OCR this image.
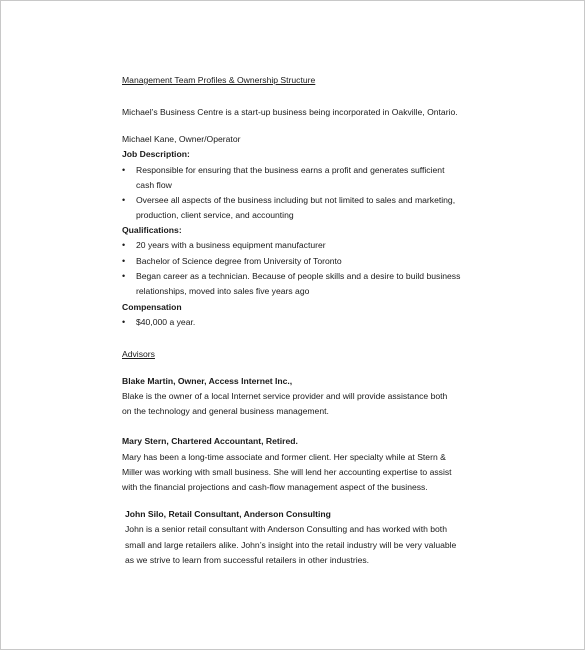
Management Team Profiles & Ownership Structure
Michael’s Business Centre is a start-up business being incorporated in Oakville, Ontario.
Michael Kane, Owner/Operator
Job Description:
• Responsible for ensuring that the business earns a profit and generates sufficient
cash flow
• Oversee all aspects of the business including but not limited to sales and marketing,
production, client service, and accounting
Qualifications:
• 20 years with a business equipment manufacturer
• Bachelor of Science degree from University of Toronto
• Began career as a technician. Because of people skills and a desire to build business
relationships, moved into sales five years ago
Compensation
• $40,000 a year.
Advisors
Blake Martin, Owner, Access Internet Inc.,
Blake is the owner of a local Internet service provider and will provide assistance both
on the technology and general business management.
Mary Stern, Chartered Accountant, Retired.
Mary has been a long-time associate and former client. Her specialty while at Stern &
Miller was working with small business. She will lend her accounting expertise to assist
with the financial projections and cash-flow management aspect of the business.
John Silo, Retail Consultant, Anderson Consulting
John is a senior retail consultant with Anderson Consulting and has worked with both
small and large retailers alike. John’s insight into the retail industry will be very valuable
as we strive to learn from successful retailers in other industries.
